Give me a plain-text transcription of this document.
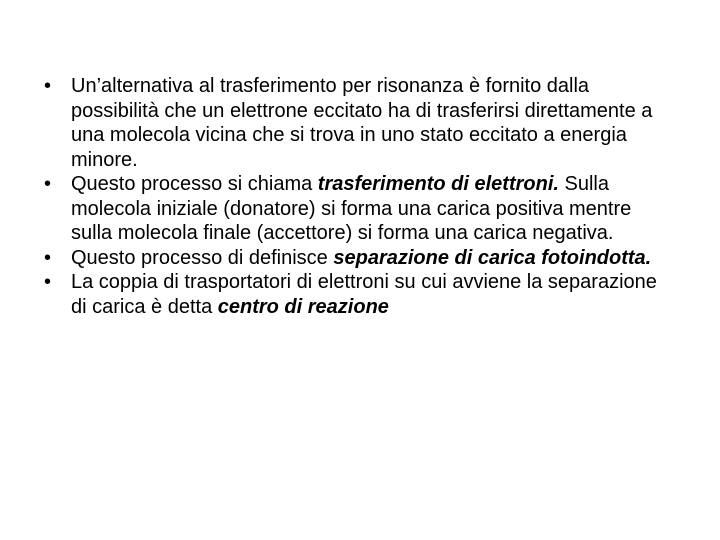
• Un’alternativa al trasferimento per risonanza è fornito dalla possibilità che un elettrone eccitato ha di trasferirsi direttamente a una molecola vicina che si trova in uno stato eccitato a energia minore.
• Questo processo si chiama trasferimento di elettroni. Sulla molecola iniziale (donatore) si forma una carica positiva mentre sulla molecola finale (accettore) si forma una carica negativa.
• Questo processo di definisce separazione di carica fotoindotta.
• La coppia di trasportatori di elettroni su cui avviene la separazione di carica è detta centro di reazione
